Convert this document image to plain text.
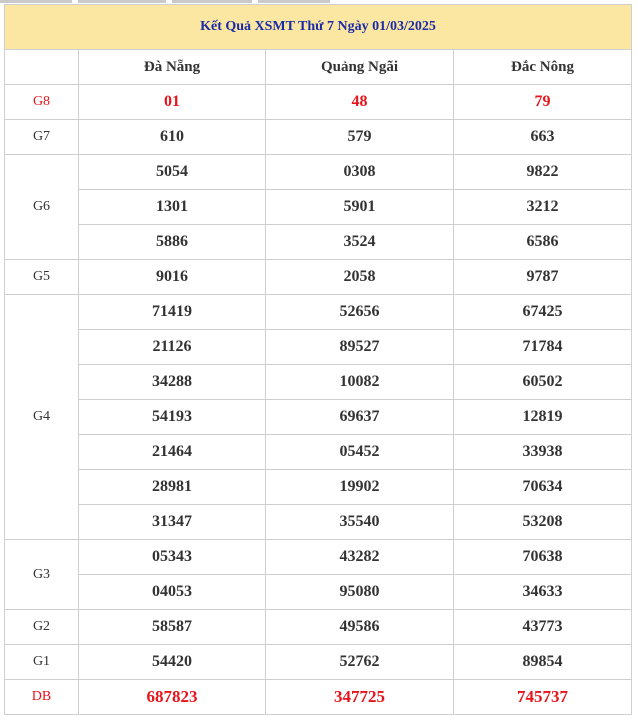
Kết Quả XSMT Thứ 7 Ngày 01/03/2025			
	Đà Nẵng	Quảng Ngãi	Đắc Nông
G8	01	48	79
G7	610	579	663
G6	5054	0308	9822
	1301	5901	3212
	5886	3524	6586
G5	9016	2058	9787
G4	71419	52656	67425
	21126	89527	71784
	34288	10082	60502
	54193	69637	12819
	21464	05452	33938
	28981	19902	70634
	31347	35540	53208
G3	05343	43282	70638
	04053	95080	34633
G2	58587	49586	43773
G1	54420	52762	89854
DB	687823	347725	745737
